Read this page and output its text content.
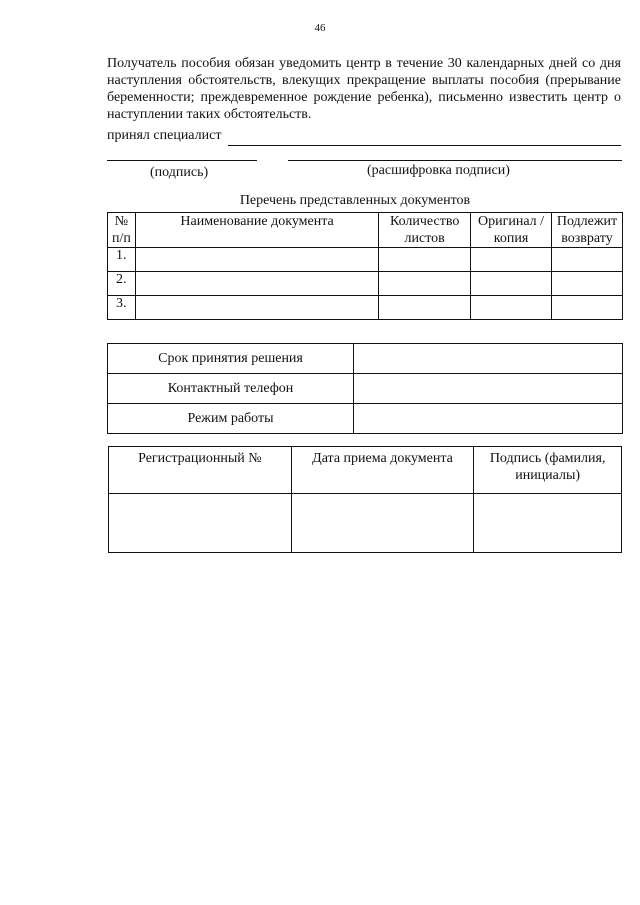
46

Получатель пособия обязан уведомить центр в течение 30 календарных дней со дня наступления обстоятельств, влекущих прекращение выплаты пособия (прерывание беременности; преждевременное рождение ребенка), письменно известить центр о наступлении таких обстоятельств.

принял специалист
(подпись)	(расшифровка подписи)
Перечень представленных документов
№ п/п	Наименование документа	Количество листов	Оригинал /копия	Подлежит возврату
1.				
2.				
3.				
Срок принятия решения	
Контактный телефон	
Режим работы	
Регистрационный №	Дата приема документа	Подпись (фамилия, инициалы)
